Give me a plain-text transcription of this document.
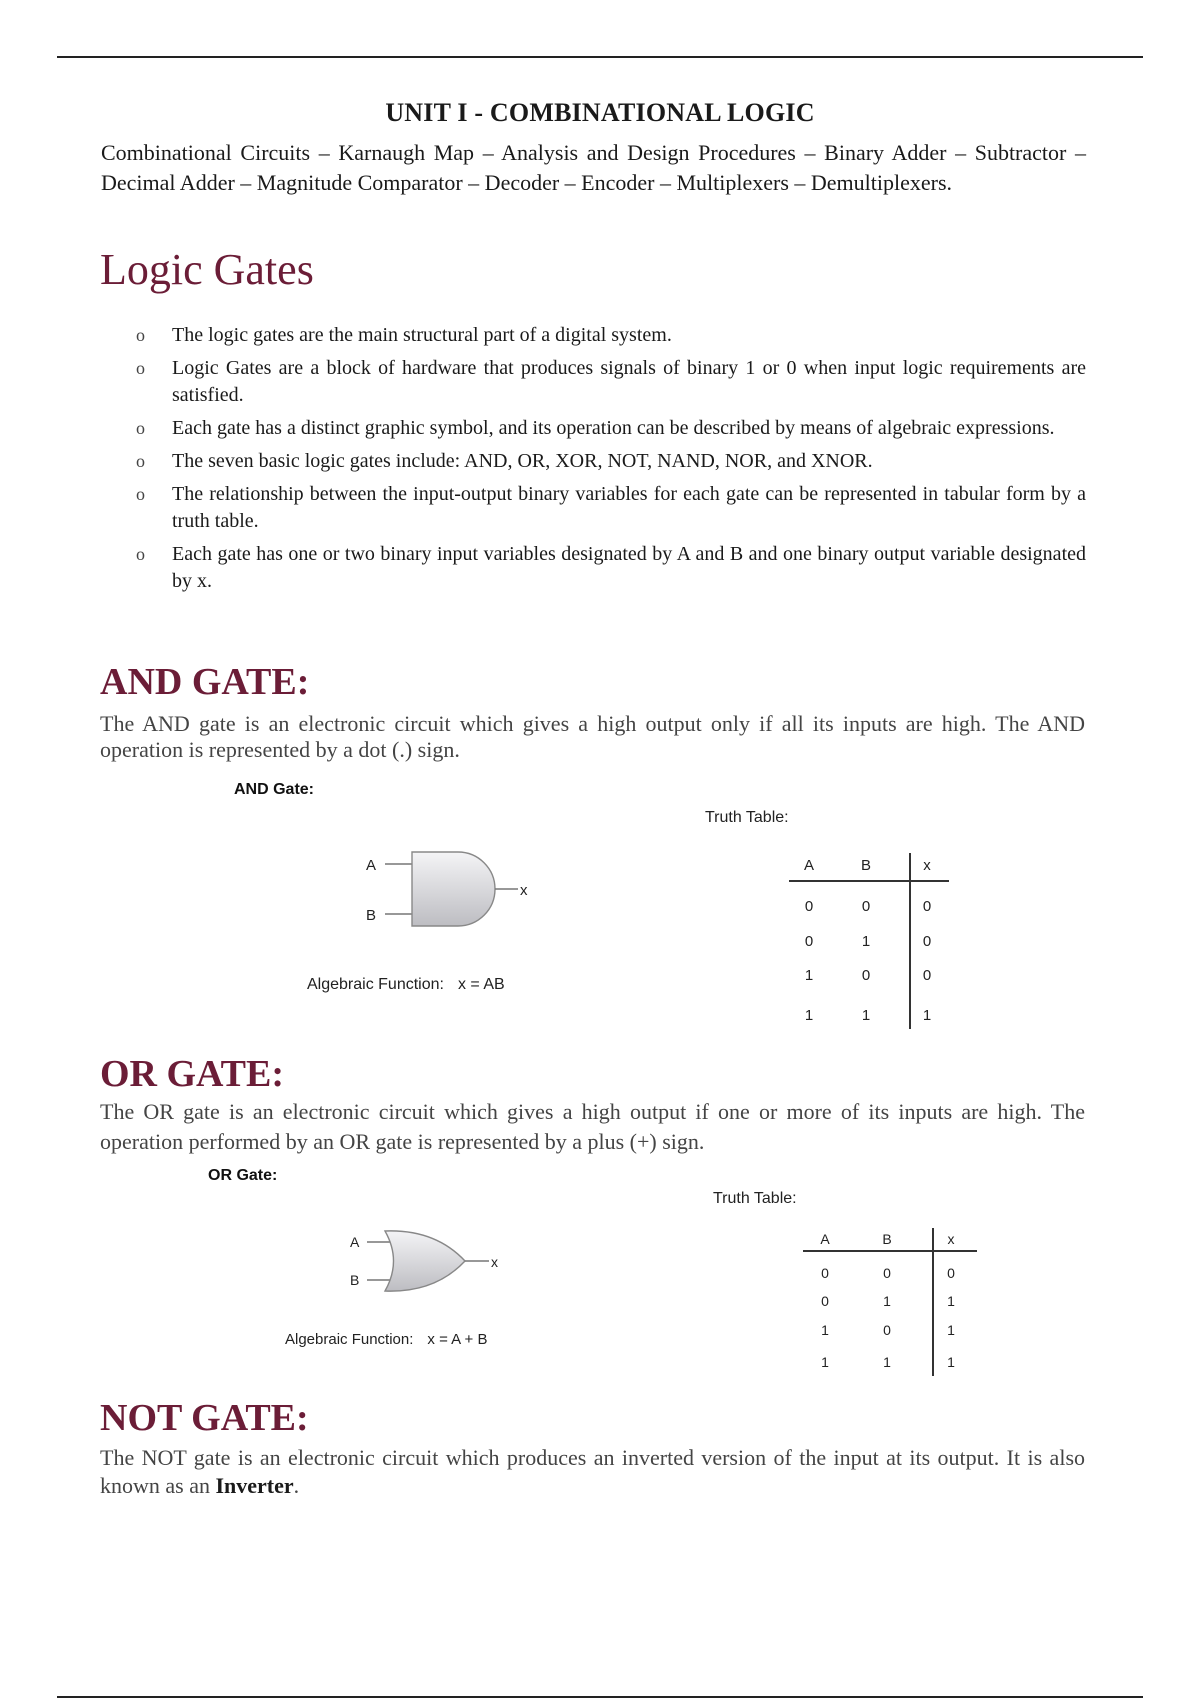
UNIT I - COMBINATIONAL LOGIC
Combinational Circuits – Karnaugh Map – Analysis and Design Procedures – Binary Adder – Subtractor – Decimal Adder – Magnitude Comparator – Decoder – Encoder – Multiplexers – Demultiplexers.
Logic Gates
o The logic gates are the main structural part of a digital system.
o Logic Gates are a block of hardware that produces signals of binary 1 or 0 when input logic requirements are satisfied.
o Each gate has a distinct graphic symbol, and its operation can be described by means of algebraic expressions.
o The seven basic logic gates include: AND, OR, XOR, NOT, NAND, NOR, and XNOR.
o The relationship between the input-output binary variables for each gate can be represented in tabular form by a truth table.
o Each gate has one or two binary input variables designated by A and B and one binary output variable designated by x.
AND GATE:
The AND gate is an electronic circuit which gives a high output only if all its inputs are high. The AND operation is represented by a dot (.) sign.
AND Gate:
Truth Table:
A
B
x
Algebraic Function: x = AB
A	B	x
0	0	0
0	1	0
1	0	0
1	1	1
OR GATE:
The OR gate is an electronic circuit which gives a high output if one or more of its inputs are high. The operation performed by an OR gate is represented by a plus (+) sign.
OR Gate:
Truth Table:
A
B
x
Algebraic Function: x = A + B
A	B	x
0	0	0
0	1	1
1	0	1
1	1	1
NOT GATE:
The NOT gate is an electronic circuit which produces an inverted version of the input at its output. It is also known as an Inverter.
